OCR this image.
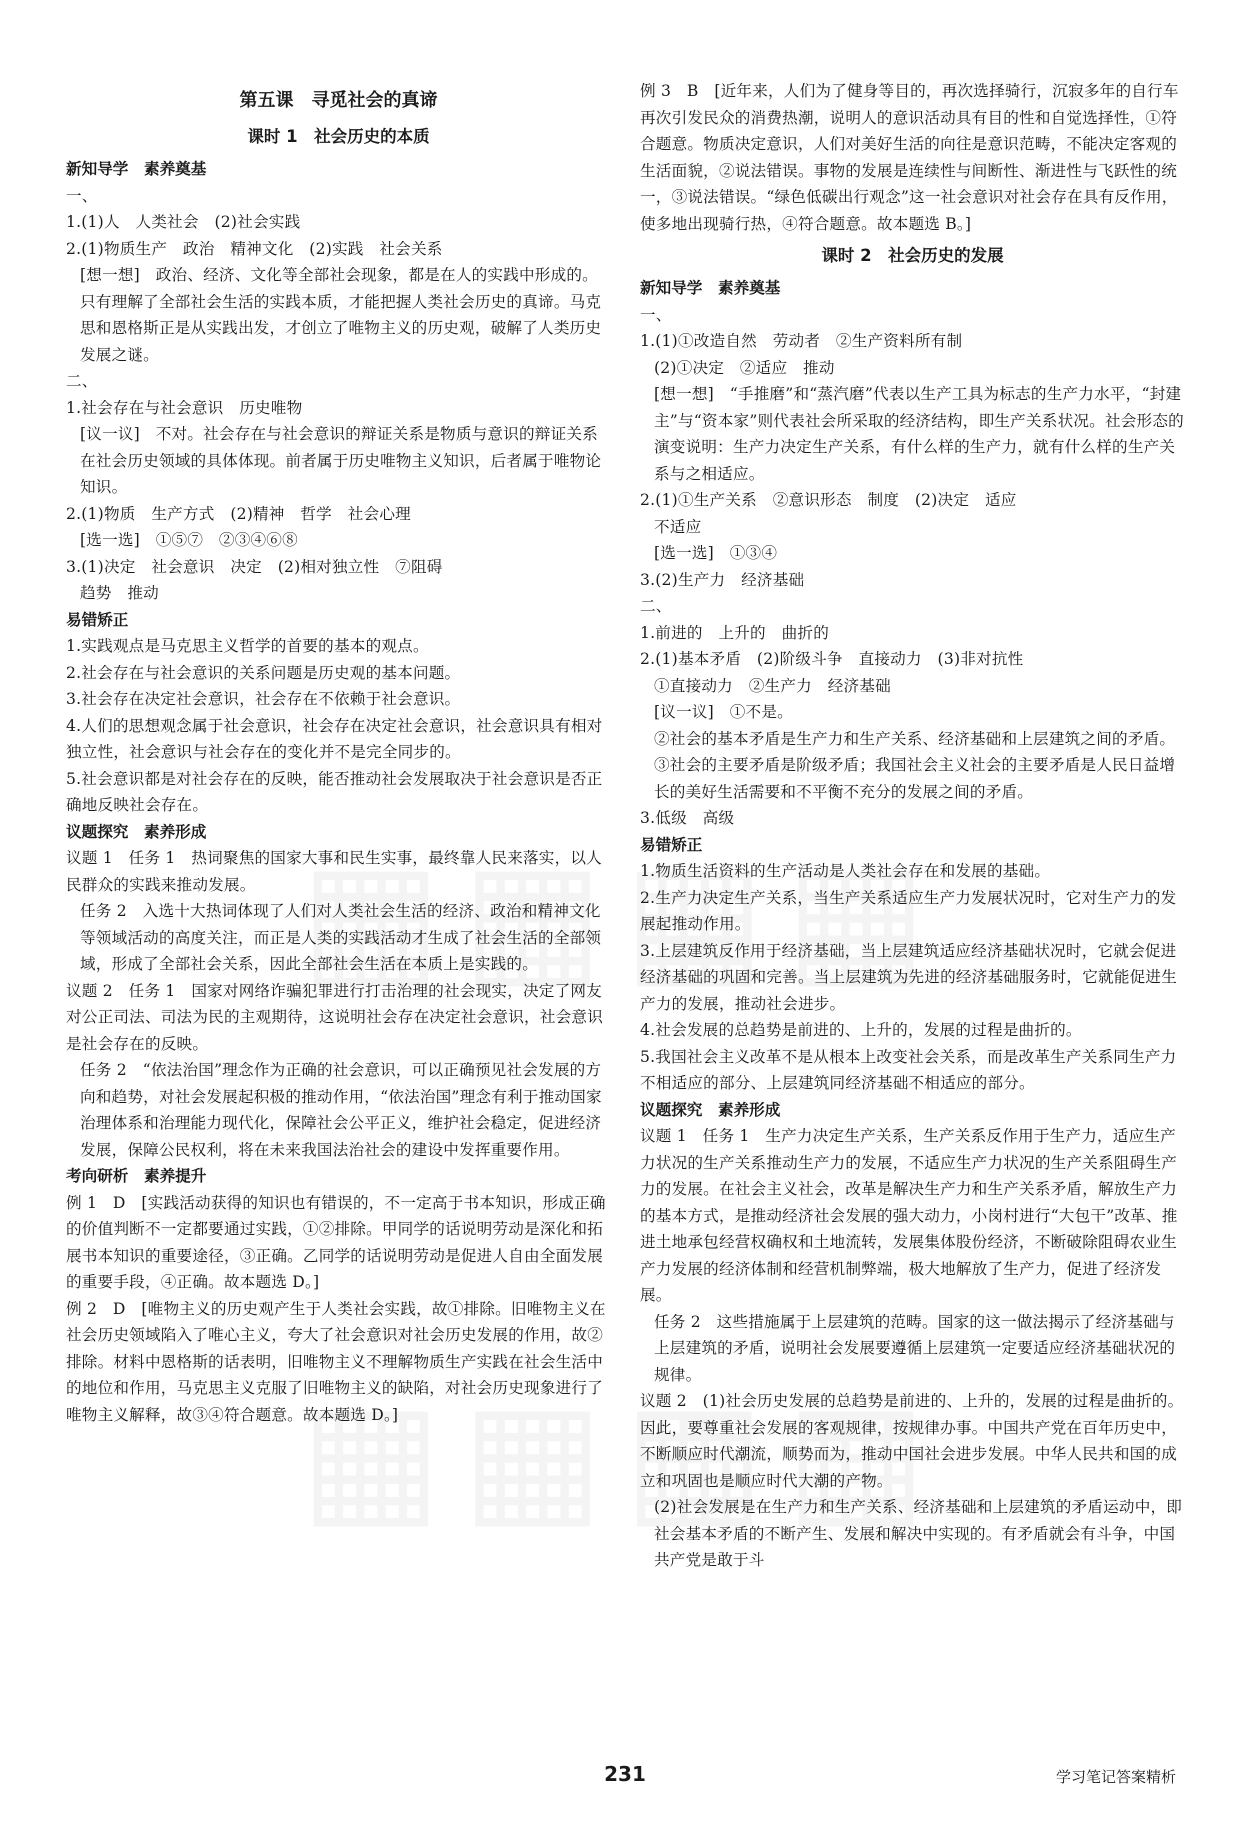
第五课　寻觅社会的真谛
课时 1　社会历史的本质
新知导学　素养奠基
一、
1.(1)人　人类社会　(2)社会实践
2.(1)物质生产　政治　精神文化　(2)实践　社会关系
[想一想]　政治、经济、文化等全部社会现象，都是在人的实践中形成的。只有理解了全部社会生活的实践本质，才能把握人类社会历史的真谛。马克思和恩格斯正是从实践出发，才创立了唯物主义的历史观，破解了人类历史发展之谜。
二、
1.社会存在与社会意识　历史唯物
[议一议]　不对。社会存在与社会意识的辩证关系是物质与意识的辩证关系在社会历史领域的具体体现。前者属于历史唯物主义知识，后者属于唯物论知识。
2.(1)物质　生产方式　(2)精神　哲学　社会心理
[选一选]　①⑤⑦　②③④⑥⑧
3.(1)决定　社会意识　决定　(2)相对独立性　⑦阻碍
趋势　推动
易错矫正
1.实践观点是马克思主义哲学的首要的基本的观点。
2.社会存在与社会意识的关系问题是历史观的基本问题。
3.社会存在决定社会意识，社会存在不依赖于社会意识。
4.人们的思想观念属于社会意识，社会存在决定社会意识，社会意识具有相对独立性，社会意识与社会存在的变化并不是完全同步的。
5.社会意识都是对社会存在的反映，能否推动社会发展取决于社会意识是否正确地反映社会存在。
议题探究　素养形成
议题 1　任务 1　热词聚焦的国家大事和民生实事，最终靠人民来落实，以人民群众的实践来推动发展。
任务 2　入选十大热词体现了人们对人类社会生活的经济、政治和精神文化等领域活动的高度关注，而正是人类的实践活动才生成了社会生活的全部领域，形成了全部社会关系，因此全部社会生活在本质上是实践的。
议题 2　任务 1　国家对网络诈骗犯罪进行打击治理的社会现实，决定了网友对公正司法、司法为民的主观期待，这说明社会存在决定社会意识，社会意识是社会存在的反映。
任务 2　“依法治国”理念作为正确的社会意识，可以正确预见社会发展的方向和趋势，对社会发展起积极的推动作用，“依法治国”理念有利于推动国家治理体系和治理能力现代化，保障社会公平正义，维护社会稳定，促进经济发展，保障公民权利，将在未来我国法治社会的建设中发挥重要作用。
考向研析　素养提升
例 1　D　[实践活动获得的知识也有错误的，不一定高于书本知识，形成正确的价值判断不一定都要通过实践，①②排除。甲同学的话说明劳动是深化和拓展书本知识的重要途径，③正确。乙同学的话说明劳动是促进人自由全面发展的重要手段，④正确。故本题选 D。]
例 2　D　[唯物主义的历史观产生于人类社会实践，故①排除。旧唯物主义在社会历史领域陷入了唯心主义，夸大了社会意识对社会历史发展的作用，故②排除。材料中恩格斯的话表明，旧唯物主义不理解物质生产实践在社会生活中的地位和作用，马克思主义克服了旧唯物主义的缺陷，对社会历史现象进行了唯物主义解释，故③④符合题意。故本题选 D。]
例 3　B　[近年来，人们为了健身等目的，再次选择骑行，沉寂多年的自行车再次引发民众的消费热潮，说明人的意识活动具有目的性和自觉选择性，①符合题意。物质决定意识，人们对美好生活的向往是意识范畴，不能决定客观的生活面貌，②说法错误。事物的发展是连续性与间断性、渐进性与飞跃性的统一，③说法错误。“绿色低碳出行观念”这一社会意识对社会存在具有反作用，使多地出现骑行热，④符合题意。故本题选 B。]
课时 2　社会历史的发展
新知导学　素养奠基
一、
1.(1)①改造自然　劳动者　②生产资料所有制
(2)①决定　②适应　推动
[想一想]　“手推磨”和“蒸汽磨”代表以生产工具为标志的生产力水平，“封建主”与“资本家”则代表社会所采取的经济结构，即生产关系状况。社会形态的演变说明：生产力决定生产关系，有什么样的生产力，就有什么样的生产关系与之相适应。
2.(1)①生产关系　②意识形态　制度　(2)决定　适应
不适应
[选一选]　①③④
3.(2)生产力　经济基础
二、
1.前进的　上升的　曲折的
2.(1)基本矛盾　(2)阶级斗争　直接动力　(3)非对抗性
①直接动力　②生产力　经济基础
[议一议]　①不是。
②社会的基本矛盾是生产力和生产关系、经济基础和上层建筑之间的矛盾。
③社会的主要矛盾是阶级矛盾；我国社会主义社会的主要矛盾是人民日益增长的美好生活需要和不平衡不充分的发展之间的矛盾。
3.低级　高级
易错矫正
1.物质生活资料的生产活动是人类社会存在和发展的基础。
2.生产力决定生产关系，当生产关系适应生产力发展状况时，它对生产力的发展起推动作用。
3.上层建筑反作用于经济基础，当上层建筑适应经济基础状况时，它就会促进经济基础的巩固和完善。当上层建筑为先进的经济基础服务时，它就能促进生产力的发展，推动社会进步。
4.社会发展的总趋势是前进的、上升的，发展的过程是曲折的。
5.我国社会主义改革不是从根本上改变社会关系，而是改革生产关系同生产力不相适应的部分、上层建筑同经济基础不相适应的部分。
议题探究　素养形成
议题 1　任务 1　生产力决定生产关系，生产关系反作用于生产力，适应生产力状况的生产关系推动生产力的发展，不适应生产力状况的生产关系阻碍生产力的发展。在社会主义社会，改革是解决生产力和生产关系矛盾，解放生产力的基本方式，是推动经济社会发展的强大动力，小岗村进行“大包干”改革、推进土地承包经营权确权和土地流转，发展集体股份经济，不断破除阻碍农业生产力发展的经济体制和经营机制弊端，极大地解放了生产力，促进了经济发展。
任务 2　这些措施属于上层建筑的范畴。国家的这一做法揭示了经济基础与上层建筑的矛盾，说明社会发展要遵循上层建筑一定要适应经济基础状况的规律。
议题 2　(1)社会历史发展的总趋势是前进的、上升的，发展的过程是曲折的。因此，要尊重社会发展的客观规律，按规律办事。中国共产党在百年历史中，不断顺应时代潮流，顺势而为，推动中国社会进步发展。中华人民共和国的成立和巩固也是顺应时代大潮的产物。
(2)社会发展是在生产力和生产关系、经济基础和上层建筑的矛盾运动中，即社会基本矛盾的不断产生、发展和解决中实现的。有矛盾就会有斗争，中国共产党是敢于斗
231	学习笔记答案精析
